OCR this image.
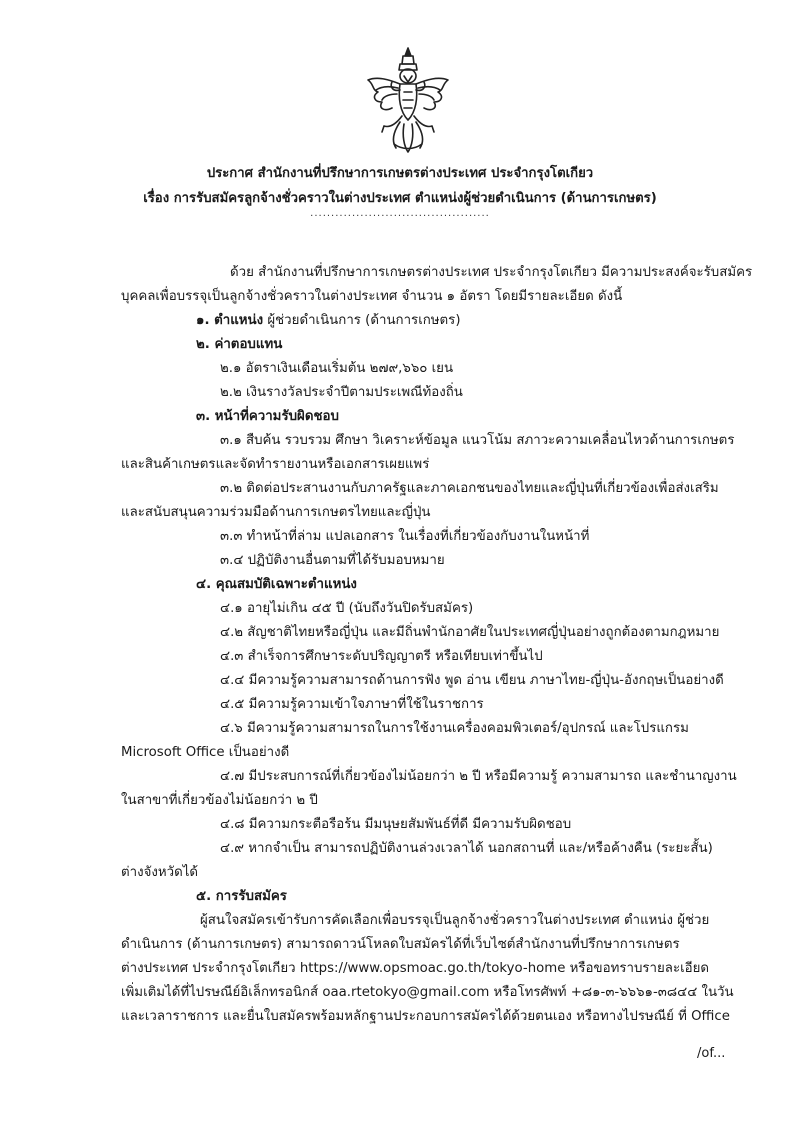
ประกาศ สำนักงานที่ปรึกษาการเกษตรต่างประเทศ ประจำกรุงโตเกียว
เรื่อง การรับสมัครลูกจ้างชั่วคราวในต่างประเทศ ตำแหน่งผู้ช่วยดำเนินการ (ด้านการเกษตร)
...........................................
ด้วย สำนักงานที่ปรึกษาการเกษตรต่างประเทศ ประจำกรุงโตเกียว มีความประสงค์จะรับสมัคร
บุคคลเพื่อบรรจุเป็นลูกจ้างชั่วคราวในต่างประเทศ จำนวน ๑ อัตรา โดยมีรายละเอียด ดังนี้
๑. ตำแหน่ง ผู้ช่วยดำเนินการ (ด้านการเกษตร)
๒. ค่าตอบแทน
๒.๑ อัตราเงินเดือนเริ่มต้น ๒๗๙,๖๖๐ เยน
๒.๒ เงินรางวัลประจำปีตามประเพณีท้องถิ่น
๓. หน้าที่ความรับผิดชอบ
๓.๑ สืบค้น รวบรวม ศึกษา วิเคราะห์ข้อมูล แนวโน้ม สภาวะความเคลื่อนไหวด้านการเกษตร
และสินค้าเกษตรและจัดทำรายงานหรือเอกสารเผยแพร่
๓.๒ ติดต่อประสานงานกับภาครัฐและภาคเอกชนของไทยและญี่ปุ่นที่เกี่ยวข้องเพื่อส่งเสริม
และสนับสนุนความร่วมมือด้านการเกษตรไทยและญี่ปุ่น
๓.๓ ทำหน้าที่ล่าม แปลเอกสาร ในเรื่องที่เกี่ยวข้องกับงานในหน้าที่
๓.๔ ปฏิบัติงานอื่นตามที่ได้รับมอบหมาย
๔. คุณสมบัติเฉพาะตำแหน่ง
๔.๑ อายุไม่เกิน ๔๕ ปี (นับถึงวันปิดรับสมัคร)
๔.๒ สัญชาติไทยหรือญี่ปุ่น และมีถิ่นพำนักอาศัยในประเทศญี่ปุ่นอย่างถูกต้องตามกฎหมาย
๔.๓ สำเร็จการศึกษาระดับปริญญาตรี หรือเทียบเท่าขึ้นไป
๔.๔ มีความรู้ความสามารถด้านการฟัง พูด อ่าน เขียน ภาษาไทย-ญี่ปุ่น-อังกฤษเป็นอย่างดี
๔.๕ มีความรู้ความเข้าใจภาษาที่ใช้ในราชการ
๔.๖ มีความรู้ความสามารถในการใช้งานเครื่องคอมพิวเตอร์/อุปกรณ์ และโปรแกรม
Microsoft Office เป็นอย่างดี
๔.๗ มีประสบการณ์ที่เกี่ยวข้องไม่น้อยกว่า ๒ ปี หรือมีความรู้ ความสามารถ และชำนาญงาน
ในสาขาที่เกี่ยวข้องไม่น้อยกว่า ๒ ปี
๔.๘ มีความกระตือรือร้น มีมนุษยสัมพันธ์ที่ดี มีความรับผิดชอบ
๔.๙ หากจำเป็น สามารถปฏิบัติงานล่วงเวลาได้ นอกสถานที่ และ/หรือค้างคืน (ระยะสั้น)
ต่างจังหวัดได้
๕. การรับสมัคร
ผู้สนใจสมัครเข้ารับการคัดเลือกเพื่อบรรจุเป็นลูกจ้างชั่วคราวในต่างประเทศ ตำแหน่ง ผู้ช่วย
ดำเนินการ (ด้านการเกษตร) สามารถดาวน์โหลดใบสมัครได้ที่เว็บไซต์สำนักงานที่ปรึกษาการเกษตร
ต่างประเทศ ประจำกรุงโตเกียว https://www.opsmoac.go.th/tokyo-home หรือขอทราบรายละเอียด
เพิ่มเติมได้ที่ไปรษณีย์อิเล็กทรอนิกส์ oaa.rtetokyo@gmail.com หรือโทรศัพท์ +๘๑-๓-๖๖๖๑-๓๘๔๔ ในวัน
และเวลาราชการ และยื่นใบสมัครพร้อมหลักฐานประกอบการสมัครได้ด้วยตนเอง หรือทางไปรษณีย์ ที่ Office
/of...
